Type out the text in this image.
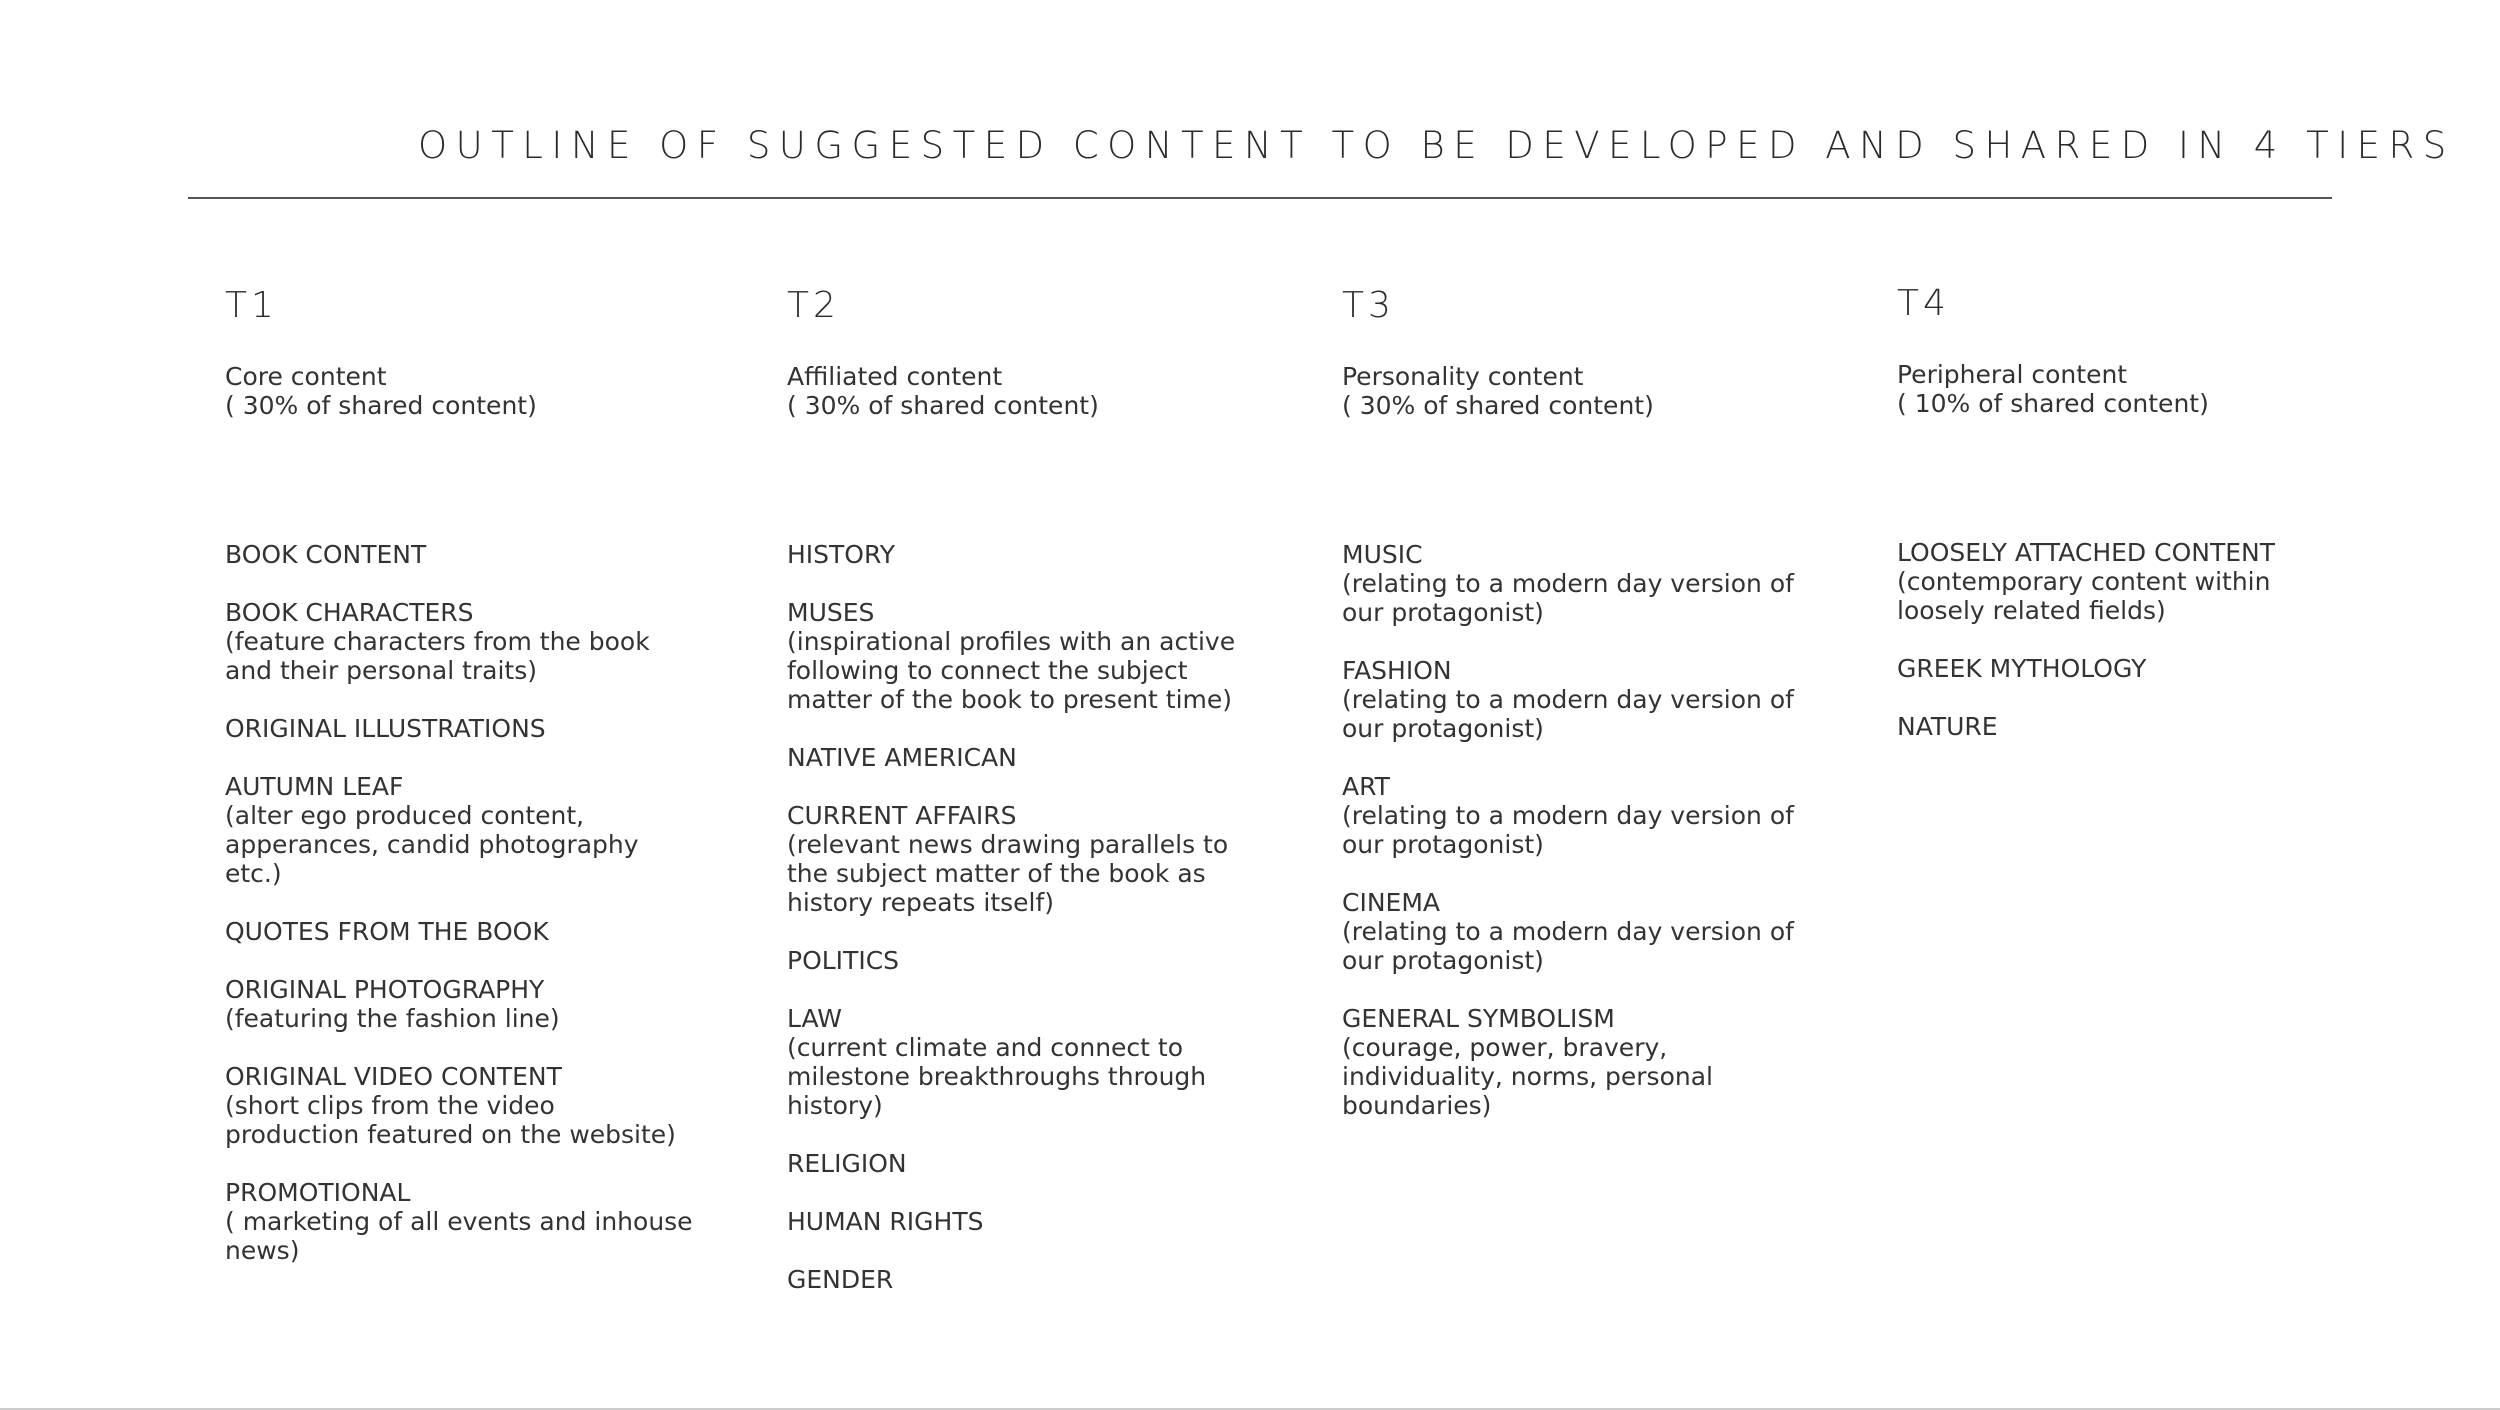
OUTLINE OF SUGGESTED CONTENT TO BE DEVELOPED AND SHARED IN 4 TIERS
T1
Core content
( 30% of shared content)
BOOK CONTENT
BOOK CHARACTERS
(feature characters from the book
and their personal traits)
ORIGINAL ILLUSTRATIONS
AUTUMN LEAF
(alter ego produced content,
apperances, candid photography
etc.)
QUOTES FROM THE BOOK
ORIGINAL PHOTOGRAPHY
(featuring the fashion line)
ORIGINAL VIDEO CONTENT
(short clips from the video
production featured on the website)
PROMOTIONAL
( marketing of all events and inhouse
news)
T2
Affiliated content
( 30% of shared content)
HISTORY
MUSES
(inspirational profiles with an active
following to connect the subject
matter of the book to present time)
NATIVE AMERICAN
CURRENT AFFAIRS
(relevant news drawing parallels to
the subject matter of the book as
history repeats itself)
POLITICS
LAW
(current climate and connect to
milestone breakthroughs through
history)
RELIGION
HUMAN RIGHTS
GENDER
T3
Personality content
( 30% of shared content)
MUSIC
(relating to a modern day version of
our protagonist)
FASHION
(relating to a modern day version of
our protagonist)
ART
(relating to a modern day version of
our protagonist)
CINEMA
(relating to a modern day version of
our protagonist)
GENERAL SYMBOLISM
(courage, power, bravery,
individuality, norms, personal
boundaries)
T4
Peripheral content
( 10% of shared content)
LOOSELY ATTACHED CONTENT
(contemporary content within
loosely related fields)
GREEK MYTHOLOGY
NATURE
